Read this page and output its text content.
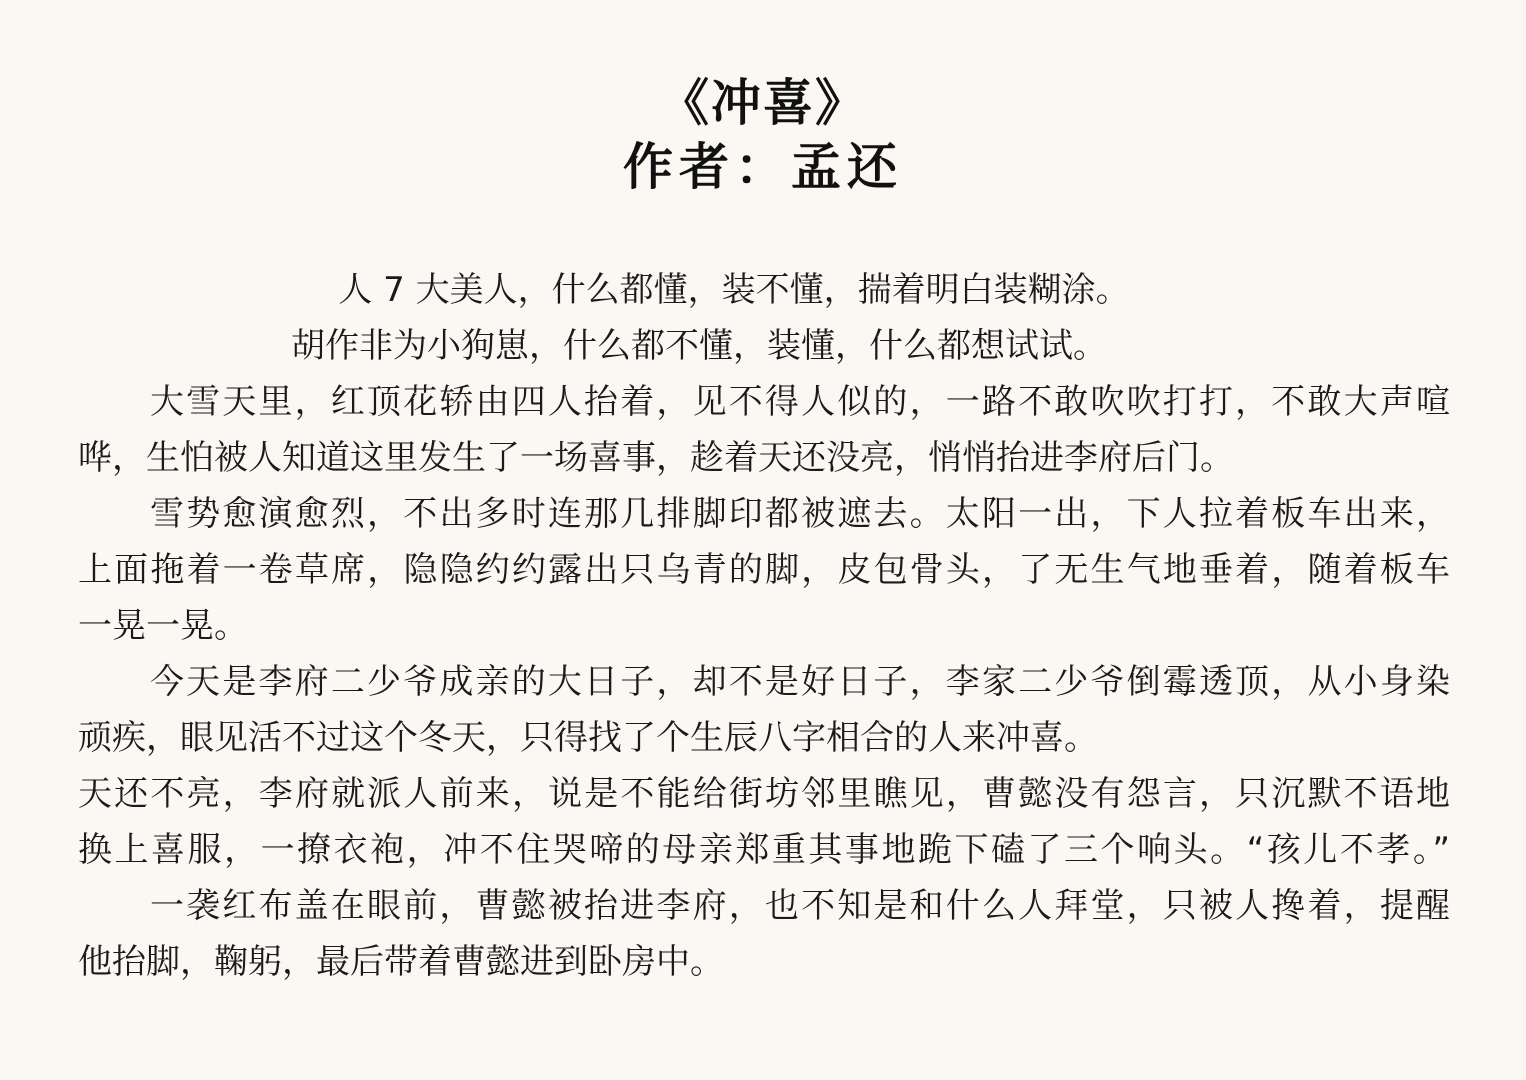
《冲喜》
作者：孟还
人 7 大美人，什么都懂，装不懂，揣着明白装糊涂。
胡作非为小狗崽，什么都不懂，装懂，什么都想试试。
大雪天里，红顶花轿由四人抬着，见不得人似的，一路不敢吹吹打打，不敢大声喧
哗，生怕被人知道这里发生了一场喜事，趁着天还没亮，悄悄抬进李府后门。
雪势愈演愈烈，不出多时连那几排脚印都被遮去。太阳一出，下人拉着板车出来，
上面拖着一卷草席，隐隐约约露出只乌青的脚，皮包骨头，了无生气地垂着，随着板车
一晃一晃。
今天是李府二少爷成亲的大日子，却不是好日子，李家二少爷倒霉透顶，从小身染
顽疾，眼见活不过这个冬天，只得找了个生辰八字相合的人来冲喜。
天还不亮，李府就派人前来，说是不能给街坊邻里瞧见，曹懿没有怨言，只沉默不语地
换上喜服，一撩衣袍，冲不住哭啼的母亲郑重其事地跪下磕了三个响头。“孩儿不孝。”
一袭红布盖在眼前，曹懿被抬进李府，也不知是和什么人拜堂，只被人搀着，提醒
他抬脚，鞠躬，最后带着曹懿进到卧房中。
